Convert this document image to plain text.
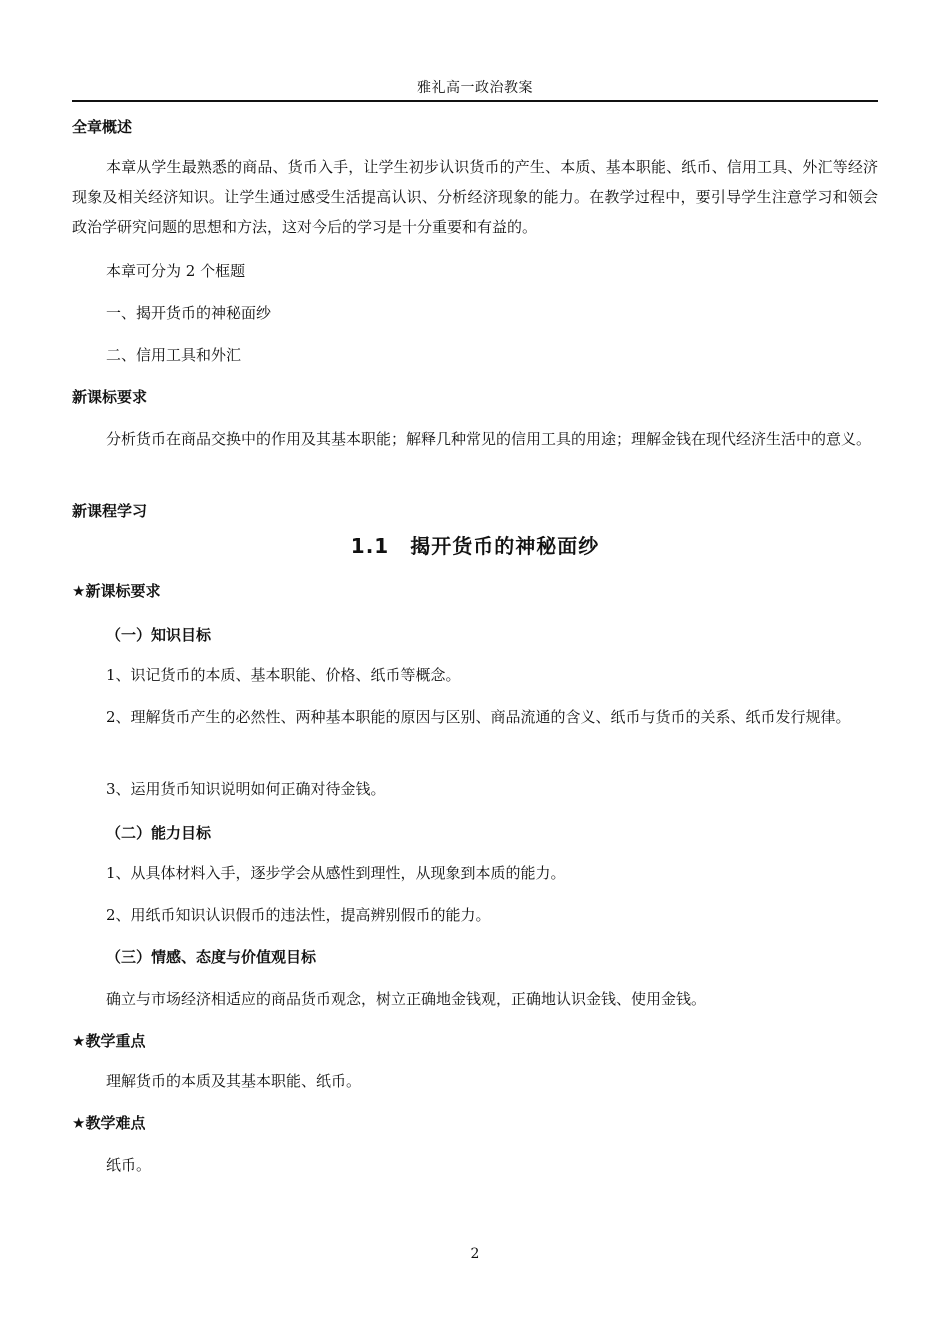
雅礼高一政治教案
全章概述
本章从学生最熟悉的商品、货币入手，让学生初步认识货币的产生、本质、基本职能、纸币、信用工具、外汇等经济现象及相关经济知识。让学生通过感受生活提高认识、分析经济现象的能力。在教学过程中，要引导学生注意学习和领会政治学研究问题的思想和方法，这对今后的学习是十分重要和有益的。
本章可分为 2 个框题
一、揭开货币的神秘面纱
二、信用工具和外汇
新课标要求
分析货币在商品交换中的作用及其基本职能；解释几种常见的信用工具的用途；理解金钱在现代经济生活中的意义。
新课程学习
1.1　揭开货币的神秘面纱
★新课标要求
（一）知识目标
1、识记货币的本质、基本职能、价格、纸币等概念。
2、理解货币产生的必然性、两种基本职能的原因与区别、商品流通的含义、纸币与货币的关系、纸币发行规律。
3、运用货币知识说明如何正确对待金钱。
（二）能力目标
1、从具体材料入手，逐步学会从感性到理性，从现象到本质的能力。
2、用纸币知识认识假币的违法性，提高辨别假币的能力。
（三）情感、态度与价值观目标
确立与市场经济相适应的商品货币观念，树立正确地金钱观，正确地认识金钱、使用金钱。
★教学重点
理解货币的本质及其基本职能、纸币。
★教学难点
纸币。
2
